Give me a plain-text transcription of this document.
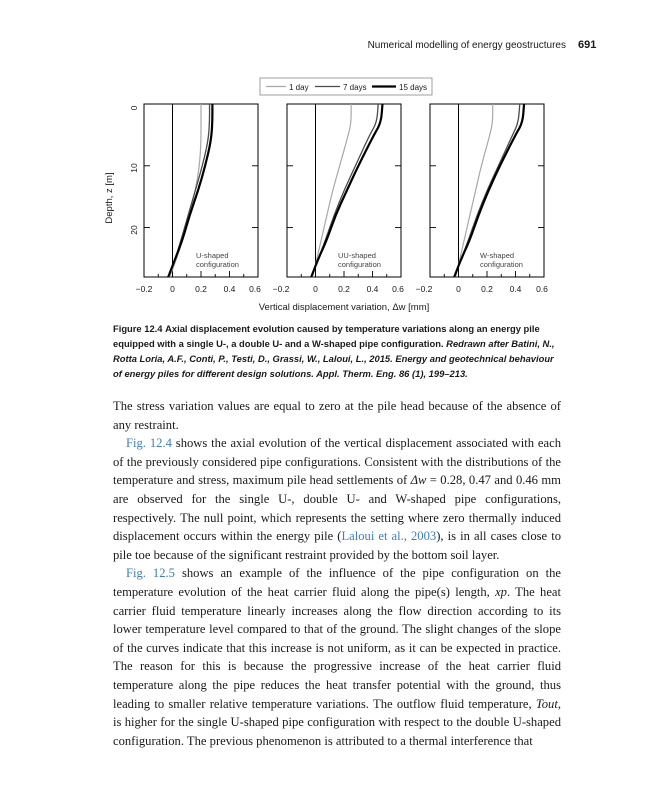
Numerical modelling of energy geostructures 691
1 day	7 days	15 days
Depth, z [m]
0
10
20
U-shaped
configuration
−0.2 0 0.2 0.4 0.6
UU-shaped
configuration
−0.2	0 0.2 0.4 0.6
W-shaped
configuration
−0.2	0 0.2 0.4 0.6
Vertical displacement variation, Δw [mm]
Figure 12.4 Axial displacement evolution caused by temperature variations along an energy pile equipped with a single U-, a double U- and a W-shaped pipe configuration. Redrawn after Batini, N., Rotta Loria, A.F., Conti, P., Testi, D., Grassi, W., Laloui, L., 2015. Energy and geotechnical behaviour of energy piles for different design solutions. Appl. Therm. Eng. 86 (1), 199–213.

The stress variation values are equal to zero at the pile head because of the absence of any restraint.

Fig. 12.4 shows the axial evolution of the vertical displacement associated with each of the previously considered pipe configurations. Consistent with the distributions of the temperature and stress, maximum pile head settlements of Δw = 0.28, 0.47 and 0.46 mm are observed for the single U-, double U- and W-shaped pipe configurations, respectively. The null point, which represents the setting where zero thermally induced displacement occurs within the energy pile (Laloui et al., 2003), is in all cases close to pile toe because of the significant restraint provided by the bottom soil layer.

Fig. 12.5 shows an example of the influence of the pipe configuration on the temperature evolution of the heat carrier fluid along the pipe(s) length, xp. The heat carrier fluid temperature linearly increases along the flow direction according to its lower temperature level compared to that of the ground. The slight changes of the slope of the curves indicate that this increase is not uniform, as it can be expected in practice. The reason for this is because the progressive increase of the heat carrier fluid temperature along the pipe reduces the heat transfer potential with the ground, thus leading to smaller relative temperature variations. The outflow fluid temperature, Tout, is higher for the single U-shaped pipe configuration with respect to the double U-shaped configuration. The previous phenomenon is attributed to a thermal interference that
